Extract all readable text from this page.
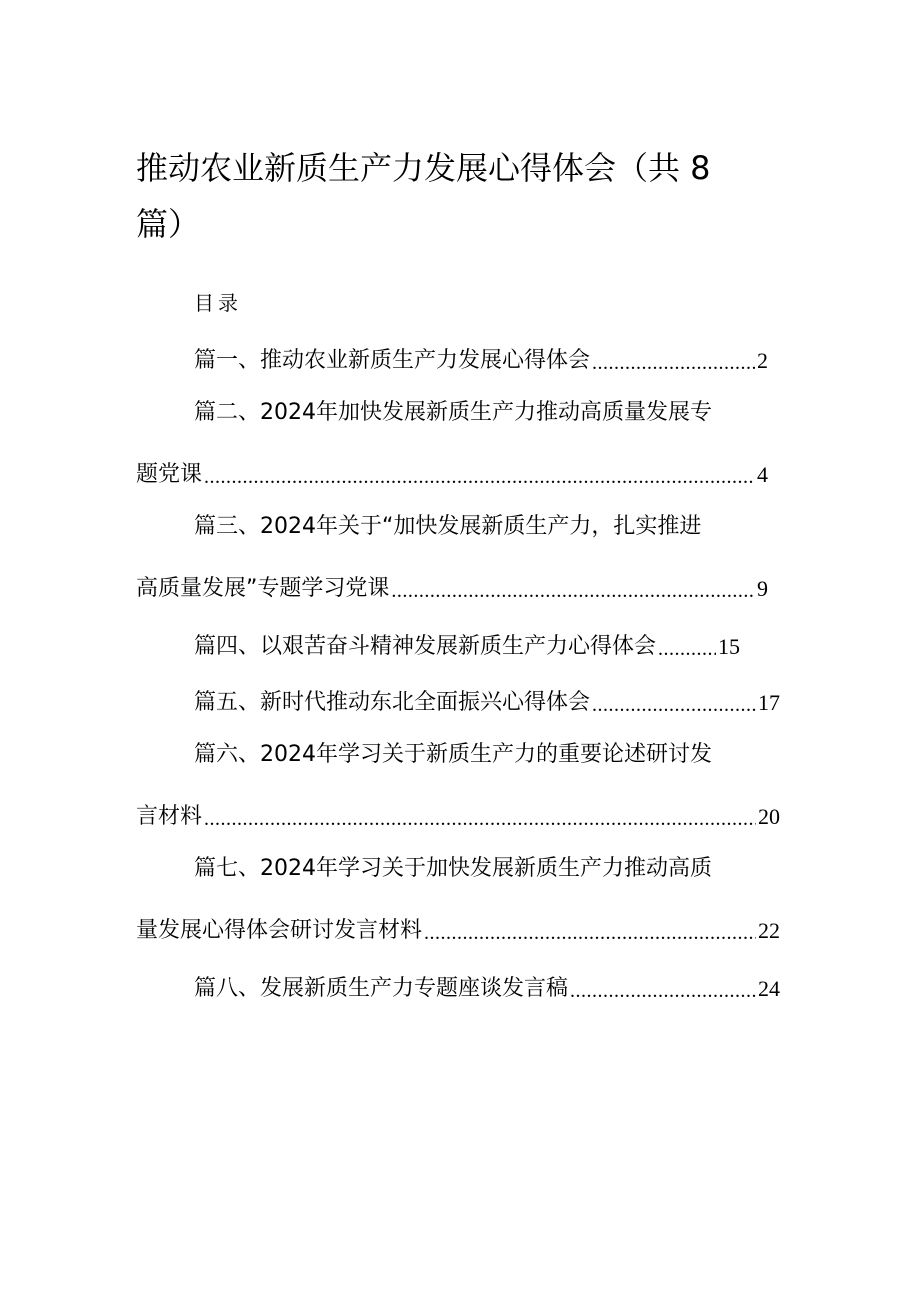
推动农业新质生产力发展心得体会（共 8
篇）
目录
篇一、推动农业新质生产力发展心得体会 .....	2
篇二、2024年加快发展新质生产力推动高质量发展专
题党课 .....	4
篇三、2024年关于“加快发展新质生产力，扎实推进
高质量发展”专题学习党课 .....	9
篇四、以艰苦奋斗精神发展新质生产力心得体会 .....	15
篇五、新时代推动东北全面振兴心得体会 .....	17
篇六、2024年学习关于新质生产力的重要论述研讨发
言材料 .....	20
篇七、2024年学习关于加快发展新质生产力推动高质
量发展心得体会研讨发言材料 .....	22
篇八、发展新质生产力专题座谈发言稿 .....	24
